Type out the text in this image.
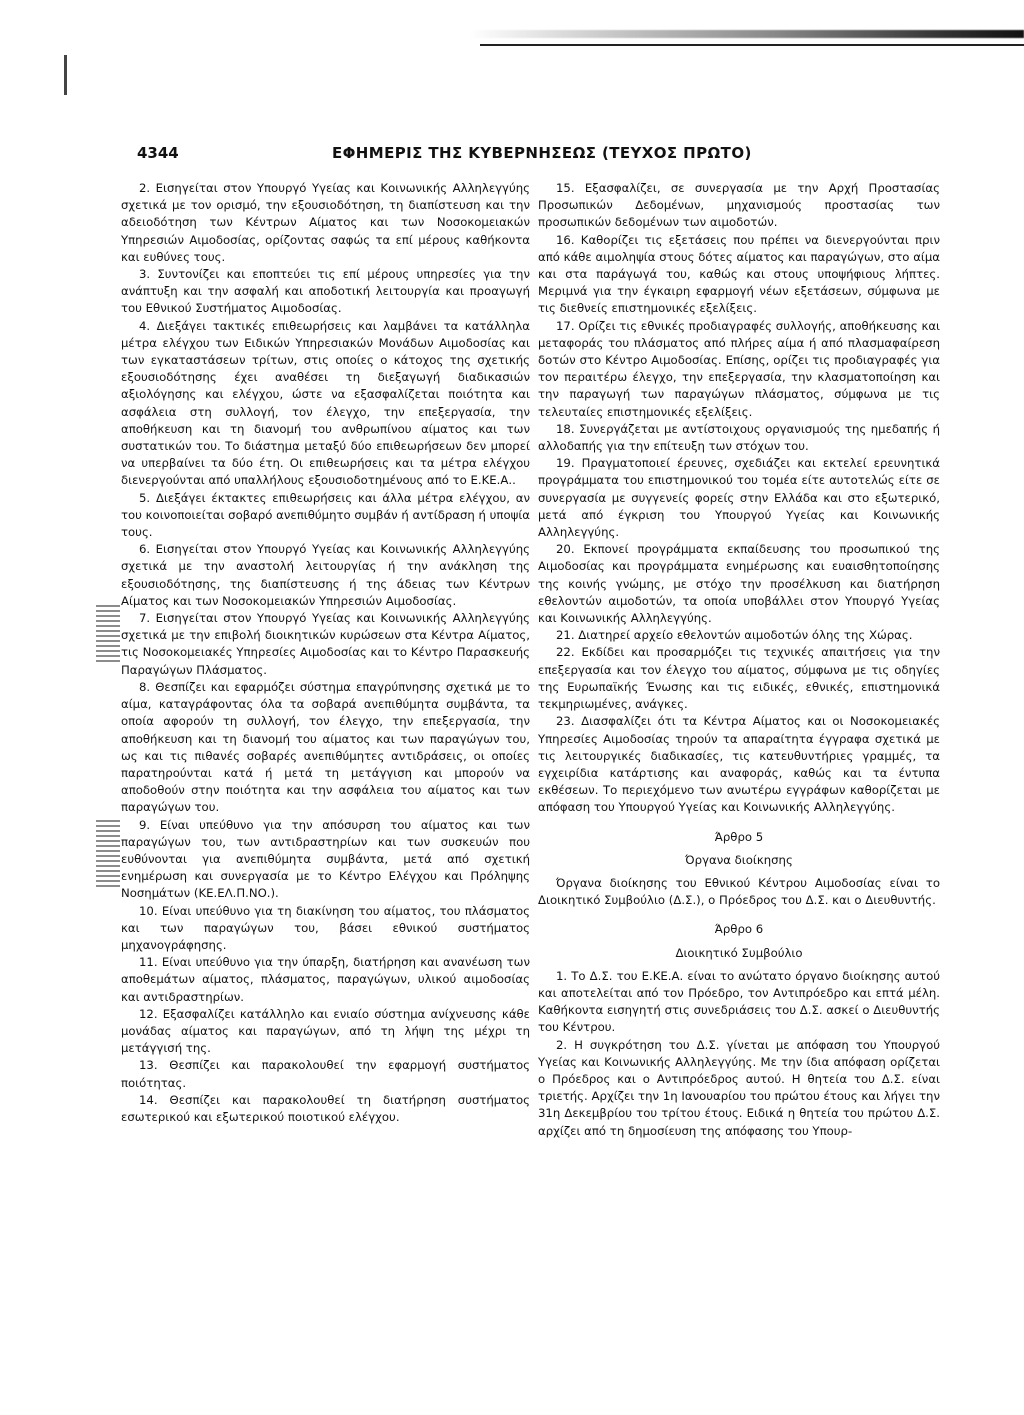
4344	ΕΦΗΜΕΡΙΣ ΤΗΣ ΚΥΒΕΡΝΗΣΕΩΣ (ΤΕΥΧΟΣ ΠΡΩΤΟ)

2. Εισηγείται στον Υπουργό Υγείας και Κοινωνικής Αλληλεγγύης σχετικά με τον ορισμό, την εξουσιοδότηση, τη διαπίστευση και την αδειοδότηση των Κέντρων Αίματος και των Νοσοκομειακών Υπηρεσιών Αιμοδοσίας, ορίζοντας σαφώς τα επί μέρους καθήκοντα και ευθύνες τους.

3. Συντονίζει και εποπτεύει τις επί μέρους υπηρεσίες για την ανάπτυξη και την ασφαλή και αποδοτική λειτουργία και προαγωγή του Εθνικού Συστήματος Αιμοδοσίας.

4. Διεξάγει τακτικές επιθεωρήσεις και λαμβάνει τα κατάλληλα μέτρα ελέγχου των Ειδικών Υπηρεσιακών Μονάδων Αιμοδοσίας και των εγκαταστάσεων τρίτων, στις οποίες ο κάτοχος της σχετικής εξουσιοδότησης έχει αναθέσει τη διεξαγωγή διαδικασιών αξιολόγησης και ελέγχου, ώστε να εξασφαλίζεται ποιότητα και ασφάλεια στη συλλογή, τον έλεγχο, την επεξεργασία, την αποθήκευση και τη διανομή του ανθρωπίνου αίματος και των συστατικών του. Το διάστημα μεταξύ δύο επιθεωρήσεων δεν μπορεί να υπερβαίνει τα δύο έτη. Οι επιθεωρήσεις και τα μέτρα ελέγχου διενεργούνται από υπαλλήλους εξουσιοδοτημένους από το Ε.ΚΕ.Α..

5. Διεξάγει έκτακτες επιθεωρήσεις και άλλα μέτρα ελέγχου, αν του κοινοποιείται σοβαρό ανεπιθύμητο συμβάν ή αντίδραση ή υποψία τους.

6. Εισηγείται στον Υπουργό Υγείας και Κοινωνικής Αλληλεγγύης σχετικά με την αναστολή λειτουργίας ή την ανάκληση της εξουσιοδότησης, της διαπίστευσης ή της άδειας των Κέντρων Αίματος και των Νοσοκομειακών Υπηρεσιών Αιμοδοσίας.

7. Εισηγείται στον Υπουργό Υγείας και Κοινωνικής Αλληλεγγύης σχετικά με την επιβολή διοικητικών κυρώσεων στα Κέντρα Αίματος, τις Νοσοκομειακές Υπηρεσίες Αιμοδοσίας και το Κέντρο Παρασκευής Παραγώγων Πλάσματος.

8. Θεσπίζει και εφαρμόζει σύστημα επαγρύπνησης σχετικά με το αίμα, καταγράφοντας όλα τα σοβαρά ανεπιθύμητα συμβάντα, τα οποία αφορούν τη συλλογή, τον έλεγχο, την επεξεργασία, την αποθήκευση και τη διανομή του αίματος και των παραγώγων του, ως και τις πιθανές σοβαρές ανεπιθύμητες αντιδράσεις, οι οποίες παρατηρούνται κατά ή μετά τη μετάγγιση και μπορούν να αποδοθούν στην ποιότητα και την ασφάλεια του αίματος και των παραγώγων του.

9. Είναι υπεύθυνο για την απόσυρση του αίματος και των παραγώγων του, των αντιδραστηρίων και των συσκευών που ευθύνονται για ανεπιθύμητα συμβάντα, μετά από σχετική ενημέρωση και συνεργασία με το Κέντρο Ελέγχου και Πρόληψης Νοσημάτων (ΚΕ.ΕΛ.Π.ΝΟ.).

10. Είναι υπεύθυνο για τη διακίνηση του αίματος, του πλάσματος και των παραγώγων του, βάσει εθνικού συστήματος μηχανογράφησης.

11. Είναι υπεύθυνο για την ύπαρξη, διατήρηση και ανανέωση των αποθεμάτων αίματος, πλάσματος, παραγώγων, υλικού αιμοδοσίας και αντιδραστηρίων.

12. Εξασφαλίζει κατάλληλο και ενιαίο σύστημα ανίχνευσης κάθε μονάδας αίματος και παραγώγων, από τη λήψη της μέχρι τη μετάγγισή της.

13. Θεσπίζει και παρακολουθεί την εφαρμογή συστήματος ποιότητας.

14. Θεσπίζει και παρακολουθεί τη διατήρηση συστήματος εσωτερικού και εξωτερικού ποιοτικού ελέγχου.

15. Εξασφαλίζει, σε συνεργασία με την Αρχή Προστασίας Προσωπικών Δεδομένων, μηχανισμούς προστασίας των προσωπικών δεδομένων των αιμοδοτών.

16. Καθορίζει τις εξετάσεις που πρέπει να διενεργούνται πριν από κάθε αιμοληψία στους δότες αίματος και παραγώγων, στο αίμα και στα παράγωγά του, καθώς και στους υποψήφιους λήπτες. Μεριμνά για την έγκαιρη εφαρμογή νέων εξετάσεων, σύμφωνα με τις διεθνείς επιστημονικές εξελίξεις.

17. Ορίζει τις εθνικές προδιαγραφές συλλογής, αποθήκευσης και μεταφοράς του πλάσματος από πλήρες αίμα ή από πλασμαφαίρεση δοτών στο Κέντρο Αιμοδοσίας. Επίσης, ορίζει τις προδιαγραφές για τον περαιτέρω έλεγχο, την επεξεργασία, την κλασματοποίηση και την παραγωγή των παραγώγων πλάσματος, σύμφωνα με τις τελευταίες επιστημονικές εξελίξεις.

18. Συνεργάζεται με αντίστοιχους οργανισμούς της ημεδαπής ή αλλοδαπής για την επίτευξη των στόχων του.

19. Πραγματοποιεί έρευνες, σχεδιάζει και εκτελεί ερευνητικά προγράμματα του επιστημονικού του τομέα είτε αυτοτελώς είτε σε συνεργασία με συγγενείς φορείς στην Ελλάδα και στο εξωτερικό, μετά από έγκριση του Υπουργού Υγείας και Κοινωνικής Αλληλεγγύης.

20. Εκπονεί προγράμματα εκπαίδευσης του προσωπικού της Αιμοδοσίας και προγράμματα ενημέρωσης και ευαισθητοποίησης της κοινής γνώμης, με στόχο την προσέλκυση και διατήρηση εθελοντών αιμοδοτών, τα οποία υποβάλλει στον Υπουργό Υγείας και Κοινωνικής Αλληλεγγύης.

21. Διατηρεί αρχείο εθελοντών αιμοδοτών όλης της Χώρας.

22. Εκδίδει και προσαρμόζει τις τεχνικές απαιτήσεις για την επεξεργασία και τον έλεγχο του αίματος, σύμφωνα με τις οδηγίες της Ευρωπαϊκής Ένωσης και τις ειδικές, εθνικές, επιστημονικά τεκμηριωμένες, ανάγκες.

23. Διασφαλίζει ότι τα Κέντρα Αίματος και οι Νοσοκομειακές Υπηρεσίες Αιμοδοσίας τηρούν τα απαραίτητα έγγραφα σχετικά με τις λειτουργικές διαδικασίες, τις κατευθυντήριες γραμμές, τα εγχειρίδια κατάρτισης και αναφοράς, καθώς και τα έντυπα εκθέσεων. Το περιεχόμενο των ανωτέρω εγγράφων καθορίζεται με απόφαση του Υπουργού Υγείας και Κοινωνικής Αλληλεγγύης.

Άρθρο 5

Όργανα διοίκησης

Όργανα διοίκησης του Εθνικού Κέντρου Αιμοδοσίας είναι το Διοικητικό Συμβούλιο (Δ.Σ.), ο Πρόεδρος του Δ.Σ. και ο Διευθυντής.

Άρθρο 6

Διοικητικό Συμβούλιο

1. Το Δ.Σ. του Ε.ΚΕ.Α. είναι το ανώτατο όργανο διοίκησης αυτού και αποτελείται από τον Πρόεδρο, τον Αντιπρόεδρο και επτά μέλη. Καθήκοντα εισηγητή στις συνεδριάσεις του Δ.Σ. ασκεί ο Διευθυντής του Κέντρου.

2. Η συγκρότηση του Δ.Σ. γίνεται με απόφαση του Υπουργού Υγείας και Κοινωνικής Αλληλεγγύης. Με την ίδια απόφαση ορίζεται ο Πρόεδρος και ο Αντιπρόεδρος αυτού. Η θητεία του Δ.Σ. είναι τριετής. Αρχίζει την 1η Ιανουαρίου του πρώτου έτους και λήγει την 31η Δεκεμβρίου του τρίτου έτους. Ειδικά η θητεία του πρώτου Δ.Σ. αρχίζει από τη δημοσίευση της απόφασης του Υπουρ-
